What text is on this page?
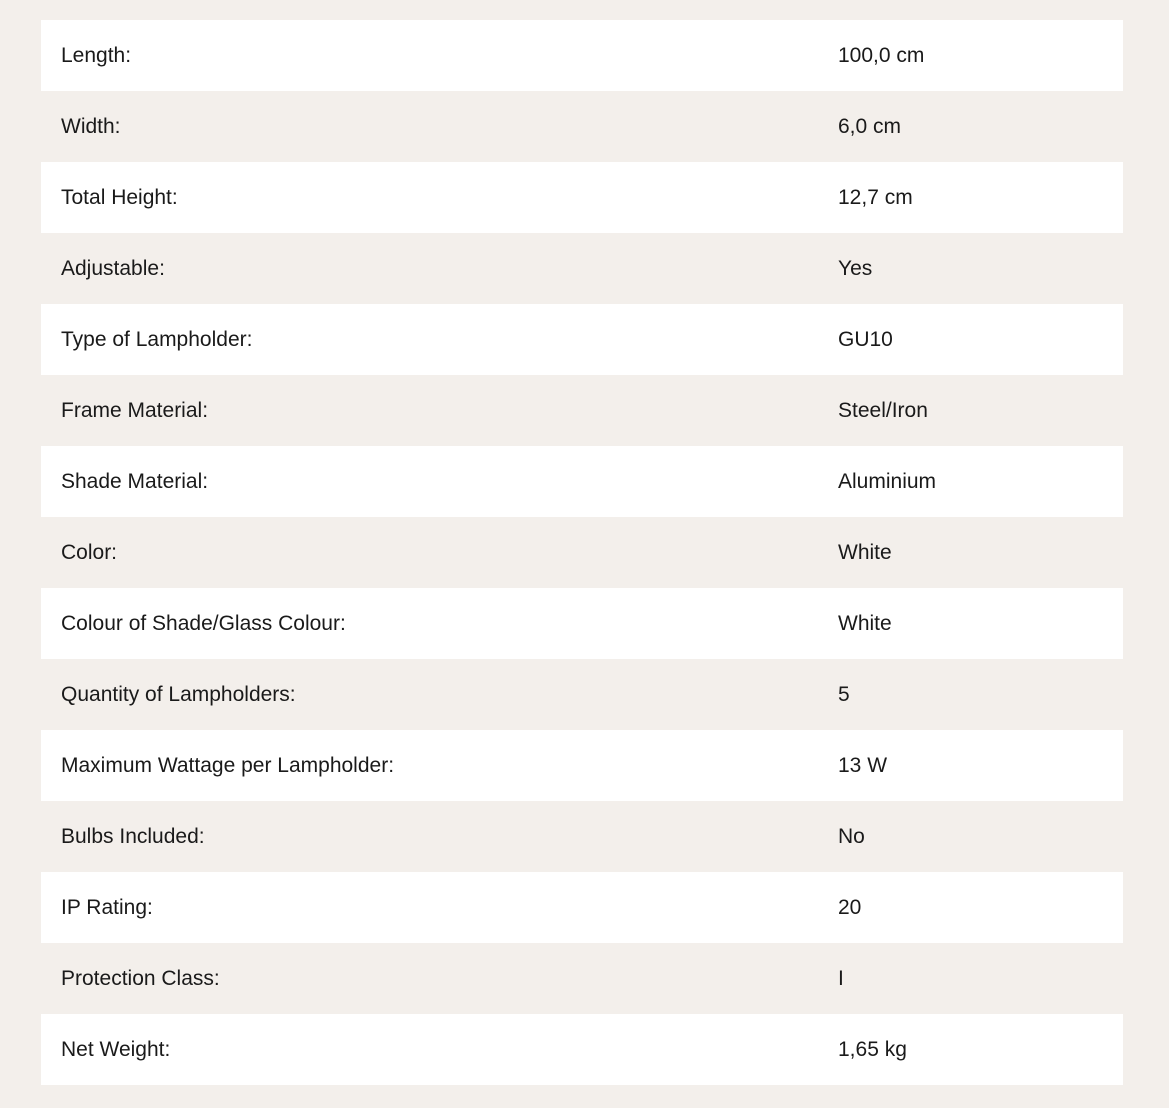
Length:	100,0 cm
Width:	6,0 cm
Total Height:	12,7 cm
Adjustable:	Yes
Type of Lampholder:	GU10
Frame Material:	Steel/Iron
Shade Material:	Aluminium
Color:	White
Colour of Shade/Glass Colour:	White
Quantity of Lampholders:	5
Maximum Wattage per Lampholder:	13 W
Bulbs Included:	No
IP Rating:	20
Protection Class:	I
Net Weight:	1,65 kg
